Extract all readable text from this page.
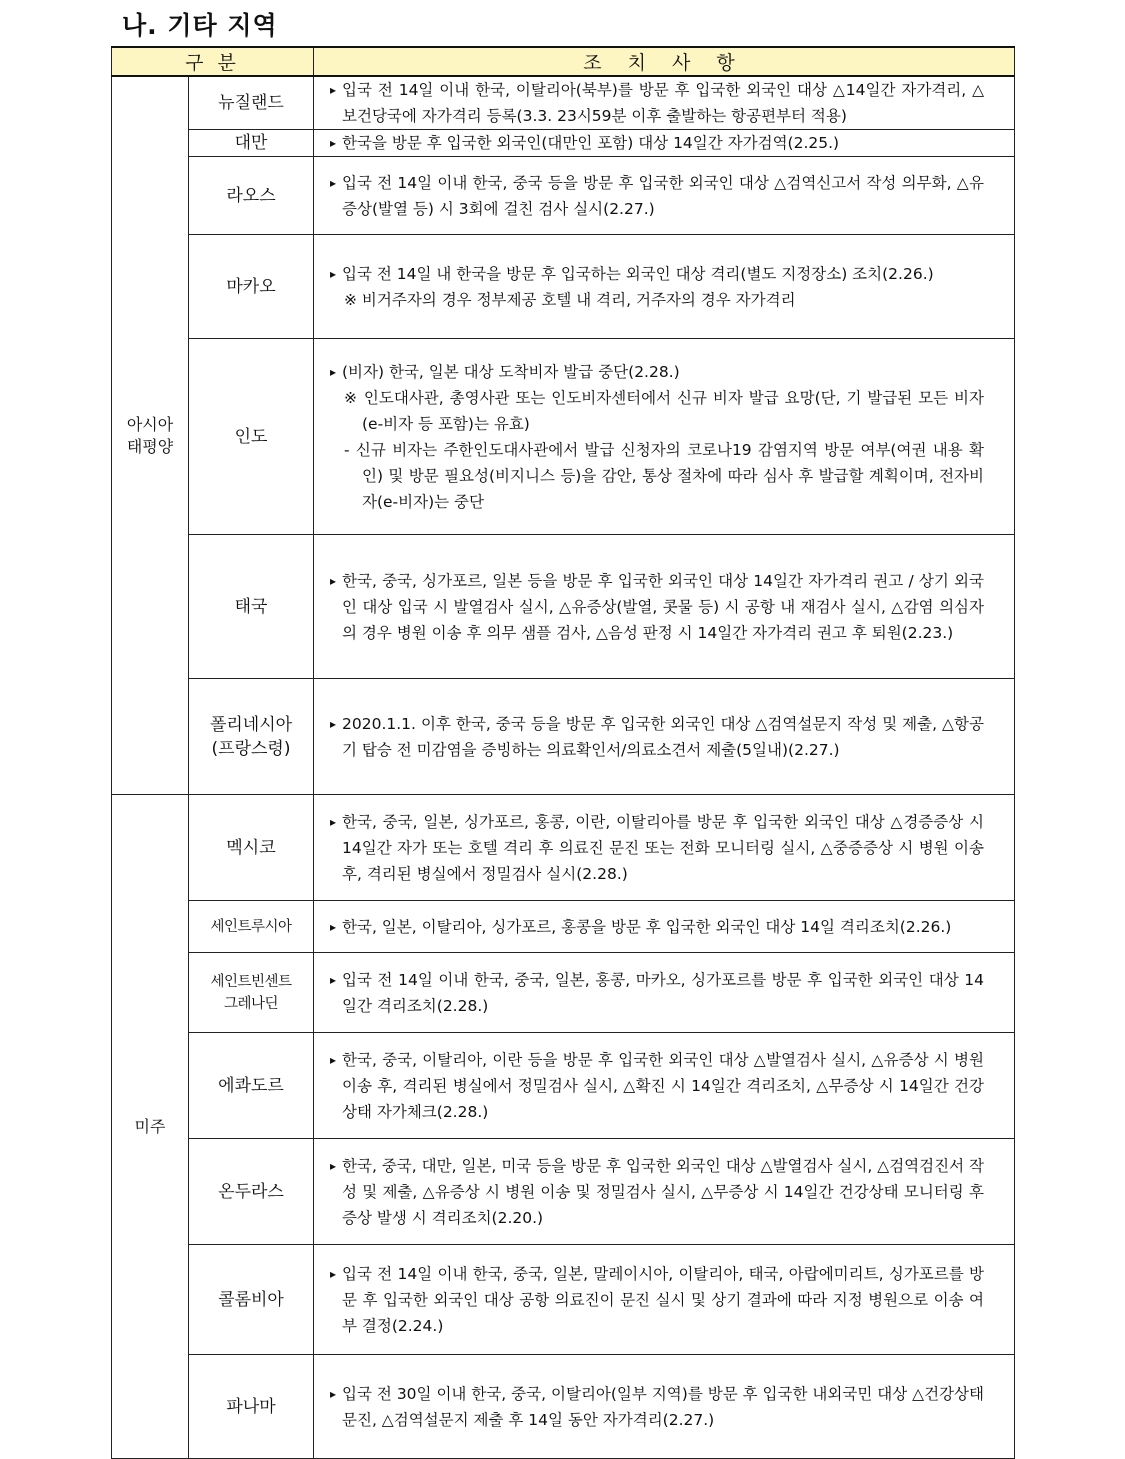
나. 기타 지역
구 분		조 치 사 항
아시아
태평양	뉴질랜드	▸ 입국 전 14일 이내 한국, 이탈리아(북부)를 방문 후 입국한 외국인 대상 △14일간 자가격리, △보건당국에 자가격리 등록(3.3. 23시59분 이후 출발하는 항공편부터 적용)

	대만	▸ 한국을 방문 후 입국한 외국인(대만인 포함) 대상 14일간 자가검역(2.25.)

	라오스	▸ 입국 전 14일 이내 한국, 중국 등을 방문 후 입국한 외국인 대상 △검역신고서 작성 의무화, △유증상(발열 등) 시 3회에 걸친 검사 실시(2.27.)

	마카오	▸ 입국 전 14일 내 한국을 방문 후 입국하는 외국인 대상 격리(별도 지정장소) 조치(2.26.)
※ 비거주자의 경우 정부제공 호텔 내 격리, 거주자의 경우 자가격리

	인도	▸ (비자) 한국, 일본 대상 도착비자 발급 중단(2.28.)
※ 인도대사관, 총영사관 또는 인도비자센터에서 신규 비자 발급 요망(단, 기 발급된 모든 비자(e-비자 등 포함)는 유효)
- 신규 비자는 주한인도대사관에서 발급 신청자의 코로나19 감염지역 방문 여부(여권 내용 확인) 및 방문 필요성(비지니스 등)을 감안, 통상 절차에 따라 심사 후 발급할 계획이며, 전자비자(e-비자)는 중단

	태국	▸ 한국, 중국, 싱가포르, 일본 등을 방문 후 입국한 외국인 대상 14일간 자가격리 권고 / 상기 외국인 대상 입국 시 발열검사 실시, △유증상(발열, 콧물 등) 시 공항 내 재검사 실시, △감염 의심자의 경우 병원 이송 후 의무 샘플 검사, △음성 판정 시 14일간 자가격리 권고 후 퇴원(2.23.)

	폴리네시아
(프랑스령)	▸ 2020.1.1. 이후 한국, 중국 등을 방문 후 입국한 외국인 대상 △검역설문지 작성 및 제출, △항공기 탑승 전 미감염을 증빙하는 의료확인서/의료소견서 제출(5일내)(2.27.)

미주	멕시코	▸ 한국, 중국, 일본, 싱가포르, 홍콩, 이란, 이탈리아를 방문 후 입국한 외국인 대상 △경증증상 시 14일간 자가 또는 호텔 격리 후 의료진 문진 또는 전화 모니터링 실시, △중증증상 시 병원 이송 후, 격리된 병실에서 정밀검사 실시(2.28.)

	세인트루시아	▸ 한국, 일본, 이탈리아, 싱가포르, 홍콩을 방문 후 입국한 외국인 대상 14일 격리조치(2.26.)

	세인트빈센트
그레나딘	▸ 입국 전 14일 이내 한국, 중국, 일본, 홍콩, 마카오, 싱가포르를 방문 후 입국한 외국인 대상 14일간 격리조치(2.28.)

	에콰도르	▸ 한국, 중국, 이탈리아, 이란 등을 방문 후 입국한 외국인 대상 △발열검사 실시, △유증상 시 병원 이송 후, 격리된 병실에서 정밀검사 실시, △확진 시 14일간 격리조치, △무증상 시 14일간 건강상태 자가체크(2.28.)

	온두라스	▸ 한국, 중국, 대만, 일본, 미국 등을 방문 후 입국한 외국인 대상 △발열검사 실시, △검역검진서 작성 및 제출, △유증상 시 병원 이송 및 정밀검사 실시, △무증상 시 14일간 건강상태 모니터링 후 증상 발생 시 격리조치(2.20.)

	콜롬비아	▸ 입국 전 14일 이내 한국, 중국, 일본, 말레이시아, 이탈리아, 태국, 아랍에미리트, 싱가포르를 방문 후 입국한 외국인 대상 공항 의료진이 문진 실시 및 상기 결과에 따라 지정 병원으로 이송 여부 결정(2.24.)

	파나마	▸ 입국 전 30일 이내 한국, 중국, 이탈리아(일부 지역)를 방문 후 입국한 내외국민 대상 △건강상태 문진, △검역설문지 제출 후 14일 동안 자가격리(2.27.)
